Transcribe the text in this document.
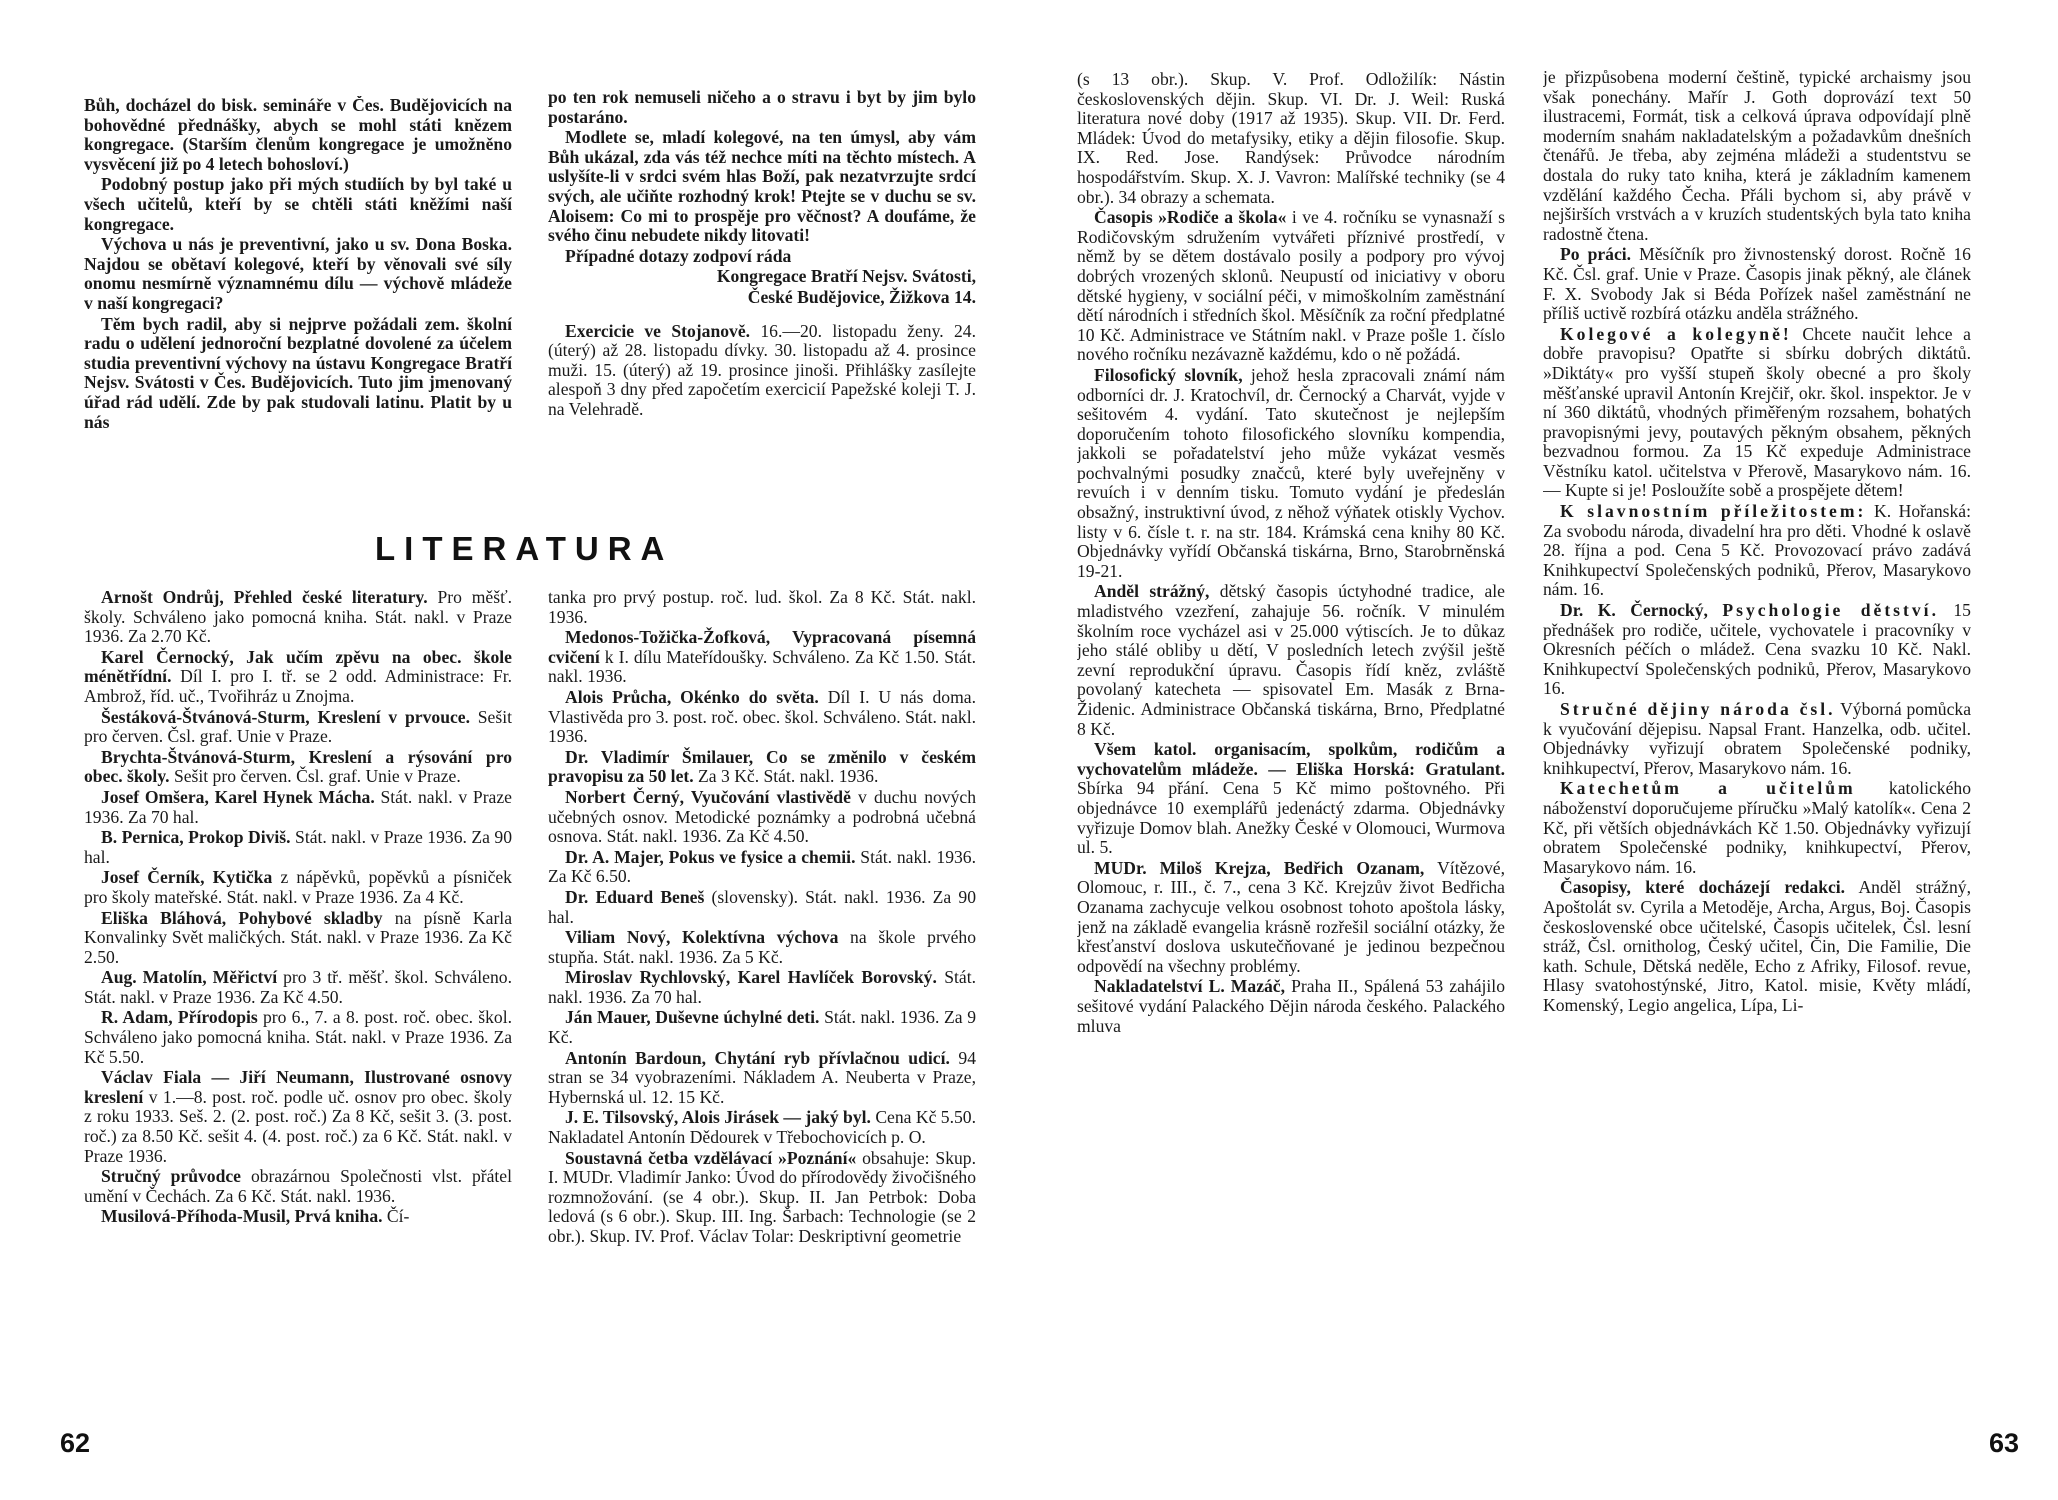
Bůh, docházel do bisk. semináře v Čes. Budějovicích na bohovědné přednášky, abych se mohl státi knězem kongregace. (Starším členům kongregace je umožněno vysvěcení již po 4 letech bohosloví.)

Podobný postup jako při mých studiích by byl také u všech učitelů, kteří by se chtěli státi kněžími naší kongregace.

Výchova u nás je preventivní, jako u sv. Dona Boska. Najdou se obětaví kolegové, kteří by věnovali své síly onomu nesmírně významnému dílu — výchově mládeže v naší kongregaci?

Těm bych radil, aby si nejprve požádali zem. školní radu o udělení jednoroční bezplatné dovolené za účelem studia preventivní výchovy na ústavu Kongregace Bratří Nejsv. Svátosti v Čes. Budějovicích. Tuto jim jmenovaný úřad rád udělí. Zde by pak studovali latinu. Platit by u nás

po ten rok nemuseli ničeho a o stravu i byt by jim bylo postaráno.

Modlete se, mladí kolegové, na ten úmysl, aby vám Bůh ukázal, zda vás též nechce míti na těchto místech. A uslyšíte-li v srdci svém hlas Boží, pak nezatvrzujte srdcí svých, ale učiňte rozhodný krok! Ptejte se v duchu se sv. Aloisem: Co mi to prospěje pro věčnost? A doufáme, že svého činu nebudete nikdy litovati!

Případné dotazy zodpoví ráda

Kongregace Bratří Nejsv. Svátosti,

České Budějovice, Žižkova 14.

Exercicie ve Stojanově. 16.—20. listopadu ženy. 24. (úterý) až 28. listopadu dívky. 30. listopadu až 4. prosince muži. 15. (úterý) až 19. prosince jinoši. Přihlášky zasílejte alespoň 3 dny před započetím exercicií Papežské koleji T. J. na Velehradě.

LITERATURA

Arnošt Ondrůj, Přehled české literatury. Pro měšť. školy. Schváleno jako pomocná kniha. Stát. nakl. v Praze 1936. Za 2.70 Kč.

Karel Černocký, Jak učím zpěvu na obec. škole ménětřídní. Díl I. pro I. tř. se 2 odd. Administrace: Fr. Ambrož, říd. uč., Tvořihráz u Znojma.

Šestáková-Štvánová-Sturm, Kreslení v prvouce. Sešit pro červen. Čsl. graf. Unie v Praze.

Brychta-Štvánová-Sturm, Kreslení a rýsování pro obec. školy. Sešit pro červen. Čsl. graf. Unie v Praze.

Josef Omšera, Karel Hynek Mácha. Stát. nakl. v Praze 1936. Za 70 hal.

B. Pernica, Prokop Diviš. Stát. nakl. v Praze 1936. Za 90 hal.

Josef Černík, Kytička z nápěvků, popěvků a písniček pro školy mateřské. Stát. nakl. v Praze 1936. Za 4 Kč.

Eliška Bláhová, Pohybové skladby na písně Karla Konvalinky Svět maličkých. Stát. nakl. v Praze 1936. Za Kč 2.50.

Aug. Matolín, Měřictví pro 3 tř. měšť. škol. Schváleno. Stát. nakl. v Praze 1936. Za Kč 4.50.

R. Adam, Přírodopis pro 6., 7. a 8. post. roč. obec. škol. Schváleno jako pomocná kniha. Stát. nakl. v Praze 1936. Za Kč 5.50.

Václav Fiala — Jiří Neumann, Ilustrované osnovy kreslení v 1.—8. post. roč. podle uč. osnov pro obec. školy z roku 1933. Seš. 2. (2. post. roč.) Za 8 Kč, sešit 3. (3. post. roč.) za 8.50 Kč. sešit 4. (4. post. roč.) za 6 Kč. Stát. nakl. v Praze 1936.

Stručný průvodce obrazárnou Společnosti vlst. přátel umění v Čechách. Za 6 Kč. Stát. nakl. 1936.

Musilová-Příhoda-Musil, Prvá kniha. Čí-

tanka pro prvý postup. roč. lud. škol. Za 8 Kč. Stát. nakl. 1936.

Medonos-Tožička-Žofková, Vypracovaná písemná cvičení k I. dílu Mateřídoušky. Schváleno. Za Kč 1.50. Stát. nakl. 1936.

Alois Průcha, Okénko do světa. Díl I. U nás doma. Vlastivěda pro 3. post. roč. obec. škol. Schváleno. Stát. nakl. 1936.

Dr. Vladimír Šmilauer, Co se změnilo v českém pravopisu za 50 let. Za 3 Kč. Stát. nakl. 1936.

Norbert Černý, Vyučování vlastivědě v duchu nových učebných osnov. Metodické poznámky a podrobná učebná osnova. Stát. nakl. 1936. Za Kč 4.50.

Dr. A. Majer, Pokus ve fysice a chemii. Stát. nakl. 1936. Za Kč 6.50.

Dr. Eduard Beneš (slovensky). Stát. nakl. 1936. Za 90 hal.

Viliam Nový, Kolektívna výchova na škole prvého stupňa. Stát. nakl. 1936. Za 5 Kč.

Miroslav Rychlovský, Karel Havlíček Borovský. Stát. nakl. 1936. Za 70 hal.

Ján Mauer, Duševne úchylné deti. Stát. nakl. 1936. Za 9 Kč.

Antonín Bardoun, Chytání ryb přívlačnou udicí. 94 stran se 34 vyobrazeními. Nákladem A. Neuberta v Praze, Hybernská ul. 12. 15 Kč.

J. E. Tilsovský, Alois Jirásek — jaký byl. Cena Kč 5.50. Nakladatel Antonín Dědourek v Třebochovicích p. O.

Soustavná četba vzdělávací »Poznání« obsahuje: Skup. I. MUDr. Vladimír Janko: Úvod do přírodovědy živočišného rozmnožování. (se 4 obr.). Skup. II. Jan Petrbok: Doba ledová (s 6 obr.). Skup. III. Ing. Šarbach: Technologie (se 2 obr.). Skup. IV. Prof. Václav Tolar: Deskriptivní geometrie

62

(s 13 obr.). Skup. V. Prof. Odložilík: Nástin československých dějin. Skup. VI. Dr. J. Weil: Ruská literatura nové doby (1917 až 1935). Skup. VII. Dr. Ferd. Mládek: Úvod do metafysiky, etiky a dějin filosofie. Skup. IX. Red. Jose. Randýsek: Průvodce národním hospodářstvím. Skup. X. J. Vavron: Malířské techniky (se 4 obr.). 34 obrazy a schemata.

Časopis »Rodiče a škola« i ve 4. ročníku se vynasnaží s Rodičovským sdružením vytvářeti příznivé prostředí, v němž by se dětem dostávalo posily a podpory pro vývoj dobrých vrozených sklonů. Neupustí od iniciativy v oboru dětské hygieny, v sociální péči, v mimoškolním zaměstnání dětí národních i středních škol. Měsíčník za roční předplatné 10 Kč. Administrace ve Státním nakl. v Praze pošle 1. číslo nového ročníku nezávazně každému, kdo o ně požádá.

Filosofický slovník, jehož hesla zpracovali známí nám odborníci dr. J. Kratochvíl, dr. Černocký a Charvát, vyjde v sešitovém 4. vydání. Tato skutečnost je nejlepším doporučením tohoto filosofického slovníku kompendia, jakkoli se pořadatelství jeho může vykázat vesměs pochvalnými posudky značců, které byly uveřejněny v revuích i v denním tisku. Tomuto vydání je předeslán obsažný, instruktivní úvod, z něhož výňatek otiskly Vychov. listy v 6. čísle t. r. na str. 184. Krámská cena knihy 80 Kč. Objednávky vyřídí Občanská tiskárna, Brno, Starobrněnská 19-21.

Anděl strážný, dětský časopis úctyhodné tradice, ale mladistvého vzezření, zahajuje 56. ročník. V minulém školním roce vycházel asi v 25.000 výtiscích. Je to důkaz jeho stálé obliby u dětí, V posledních letech zvýšil ještě zevní reprodukční úpravu. Časopis řídí kněz, zvláště povolaný katecheta — spisovatel Em. Masák z Brna-Židenic. Administrace Občanská tiskárna, Brno, Předplatné 8 Kč.

Všem katol. organisacím, spolkům, rodičům a vychovatelům mládeže. — Eliška Horská: Gratulant. Sbírka 94 přání. Cena 5 Kč mimo poštovného. Při objednávce 10 exemplářů jedenáctý zdarma. Objednávky vyřizuje Domov blah. Anežky České v Olomouci, Wurmova ul. 5.

MUDr. Miloš Krejza, Bedřich Ozanam, Vítězové, Olomouc, r. III., č. 7., cena 3 Kč. Krejzův život Bedřicha Ozanama zachycuje velkou osobnost tohoto apoštola lásky, jenž na základě evangelia krásně rozřešil sociální otázky, že křesťanství doslova uskutečňované je jedinou bezpečnou odpovědí na všechny problémy.

Nakladatelství L. Mazáč, Praha II., Spálená 53 zahájilo sešitové vydání Palackého Dějin národa českého. Palackého mluva

je přizpůsobena moderní češtině, typické archaismy jsou však ponechány. Mařír J. Goth doprovází text 50 ilustracemi, Formát, tisk a celková úprava odpovídají plně moderním snahám nakladatelským a požadavkům dnešních čtenářů. Je třeba, aby zejména mládeži a studentstvu se dostala do ruky tato kniha, která je základním kamenem vzdělání každého Čecha. Přáli bychom si, aby právě v nejširších vrstvách a v kruzích studentských byla tato kniha radostně čtena.

Po práci. Měsíčník pro živnostenský dorost. Ročně 16 Kč. Čsl. graf. Unie v Praze. Časopis jinak pěkný, ale článek F. X. Svobody Jak si Béda Pořízek našel zaměstnání ne příliš uctivě rozbírá otázku anděla strážného.

Kolegové a kolegyně! Chcete naučit lehce a dobře pravopisu? Opatřte si sbírku dobrých diktátů. »Diktáty« pro vyšší stupeň školy obecné a pro školy měšťanské upravil Antonín Krejčiř, okr. škol. inspektor. Je v ní 360 diktátů, vhodných přiměřeným rozsahem, bohatých pravopisnými jevy, poutavých pěkným obsahem, pěkných bezvadnou formou. Za 15 Kč expeduje Administrace Věstníku katol. učitelstva v Přerově, Masarykovo nám. 16. — Kupte si je! Posloužíte sobě a prospějete dětem!

K slavnostním příležitostem: K. Hořanská: Za svobodu národa, divadelní hra pro děti. Vhodné k oslavě 28. října a pod. Cena 5 Kč. Provozovací právo zadává Knihkupectví Společenských podniků, Přerov, Masarykovo nám. 16.

Dr. K. Černocký, Psychologie dětství. 15 přednášek pro rodiče, učitele, vychovatele i pracovníky v Okresních péčích o mládež. Cena svazku 10 Kč. Nakl. Knihkupectví Společenských podniků, Přerov, Masarykovo 16.

Stručné dějiny národa čsl. Výborná pomůcka k vyučování dějepisu. Napsal Frant. Hanzelka, odb. učitel. Objednávky vyřizují obratem Společenské podniky, knihkupectví, Přerov, Masarykovo nám. 16.

Katechetům a učitelům katolického náboženství doporučujeme příručku »Malý katolík«. Cena 2 Kč, při větších objednávkách Kč 1.50. Objednávky vyřizují obratem Společenské podniky, knihkupectví, Přerov, Masarykovo nám. 16.

Časopisy, které docházejí redakci. Anděl strážný, Apoštolát sv. Cyrila a Metoděje, Archa, Argus, Boj. Časopis československé obce učitelské, Časopis učitelek, Čsl. lesní stráž, Čsl. ornitholog, Český učitel, Čin, Die Familie, Die kath. Schule, Dětská neděle, Echo z Afriky, Filosof. revue, Hlasy svatohostýnské, Jitro, Katol. misie, Květy mládí, Komenský, Legio angelica, Lípa, Li-

63
